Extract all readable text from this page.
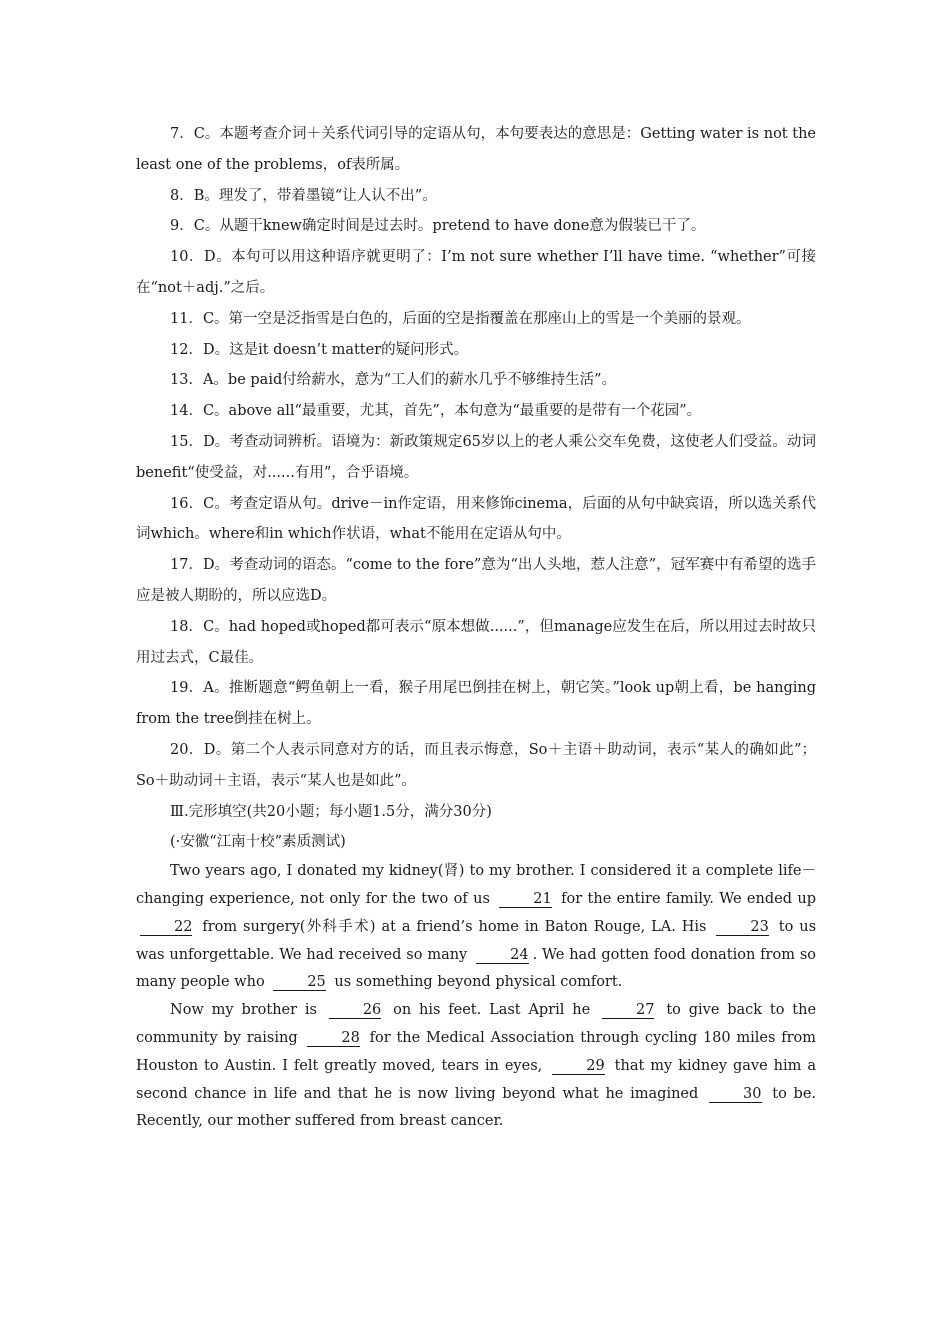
7．C。本题考查介词＋关系代词引导的定语从句，本句要表达的意思是：Getting water is not the least one of the problems，of表所属。

8．B。理发了，带着墨镜“让人认不出”。

9．C。从题干knew确定时间是过去时。pretend to have done意为假装已干了。

10．D。本句可以用这种语序就更明了：I’m not sure whether I’ll have time. “whether”可接在“not＋adj.”之后。

11．C。第一空是泛指雪是白色的，后面的空是指覆盖在那座山上的雪是一个美丽的景观。

12．D。这是it doesn’t matter的疑问形式。

13．A。be paid付给薪水，意为“工人们的薪水几乎不够维持生活”。

14．C。above all“最重要，尤其，首先”，本句意为“最重要的是带有一个花园”。

15．D。考查动词辨析。语境为：新政策规定65岁以上的老人乘公交车免费，这使老人们受益。动词benefit“使受益，对......有用”，合乎语境。

16．C。考查定语从句。drive－in作定语，用来修饰cinema，后面的从句中缺宾语，所以选关系代词which。where和in which作状语，what不能用在定语从句中。

17．D。考查动词的语态。“come to the fore”意为“出人头地，惹人注意”，冠军赛中有希望的选手应是被人期盼的，所以应选D。

18．C。had hoped或hoped都可表示“原本想做......”，但manage应发生在后，所以用过去时故只用过去式，C最佳。

19．A。推断题意“鳄鱼朝上一看，猴子用尾巴倒挂在树上，朝它笑。”look up朝上看，be hanging from the tree倒挂在树上。

20．D。第二个人表示同意对方的话，而且表示悔意，So＋主语＋助动词，表示“某人的确如此”；So＋助动词＋主语，表示“某人也是如此”。

Ⅲ.完形填空(共20小题；每小题1.5分，满分30分)

(·安徽“江南十校”素质测试)

Two years ago, I donated my kidney(肾) to my brother. I considered it a complete life－changing experience, not only for the two of us	21 for the entire family. We ended up 22 from surgery(外科手术) at a friend’s home in Baton Rouge, LA. His	23 to us was unforgettable. We had received so many	24 . We had gotten food donation from so many people who	25 us something beyond physical comfort.

Now my brother is	26 on his feet. Last April he	27 to give back to the community by raising	28 for the Medical Association through cycling 180 miles from Houston to Austin. I felt greatly moved, tears in eyes,	29 that my kidney gave him a second chance in life and that he is now living beyond what he imagined	30 to be. Recently, our mother suffered from breast cancer.
